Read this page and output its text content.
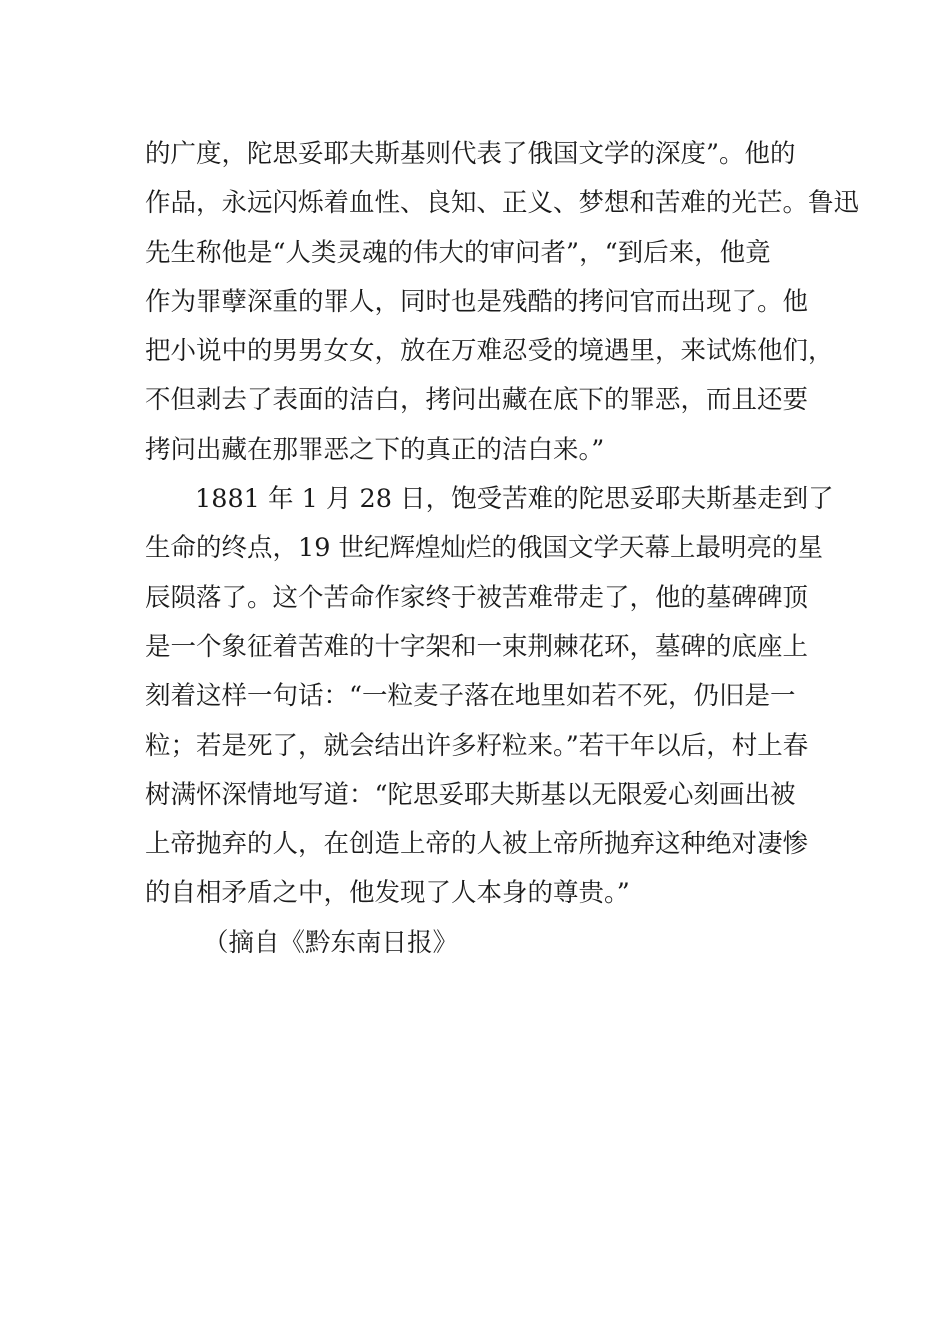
的广度，陀思妥耶夫斯基则代表了俄国文学的深度”。他的
作品，永远闪烁着血性、良知、正义、梦想和苦难的光芒。鲁迅
先生称他是“人类灵魂的伟大的审问者”，“到后来，他竟
作为罪孽深重的罪人，同时也是残酷的拷问官而出现了。他
把小说中的男男女女，放在万难忍受的境遇里，来试炼他们，
不但剥去了表面的洁白，拷问出藏在底下的罪恶，而且还要
拷问出藏在那罪恶之下的真正的洁白来。”
1881 年 1 月 28 日，饱受苦难的陀思妥耶夫斯基走到了
生命的终点，19 世纪辉煌灿烂的俄国文学天幕上最明亮的星
辰陨落了。这个苦命作家终于被苦难带走了，他的墓碑碑顶
是一个象征着苦难的十字架和一束荆棘花环，墓碑的底座上
刻着这样一句话：“一粒麦子落在地里如若不死，仍旧是一
粒；若是死了，就会结出许多籽粒来。”若干年以后，村上春
树满怀深情地写道：“陀思妥耶夫斯基以无限爱心刻画出被
上帝抛弃的人，在创造上帝的人被上帝所抛弃这种绝对凄惨
的自相矛盾之中，他发现了人本身的尊贵。”
（摘自《黔东南日报》
